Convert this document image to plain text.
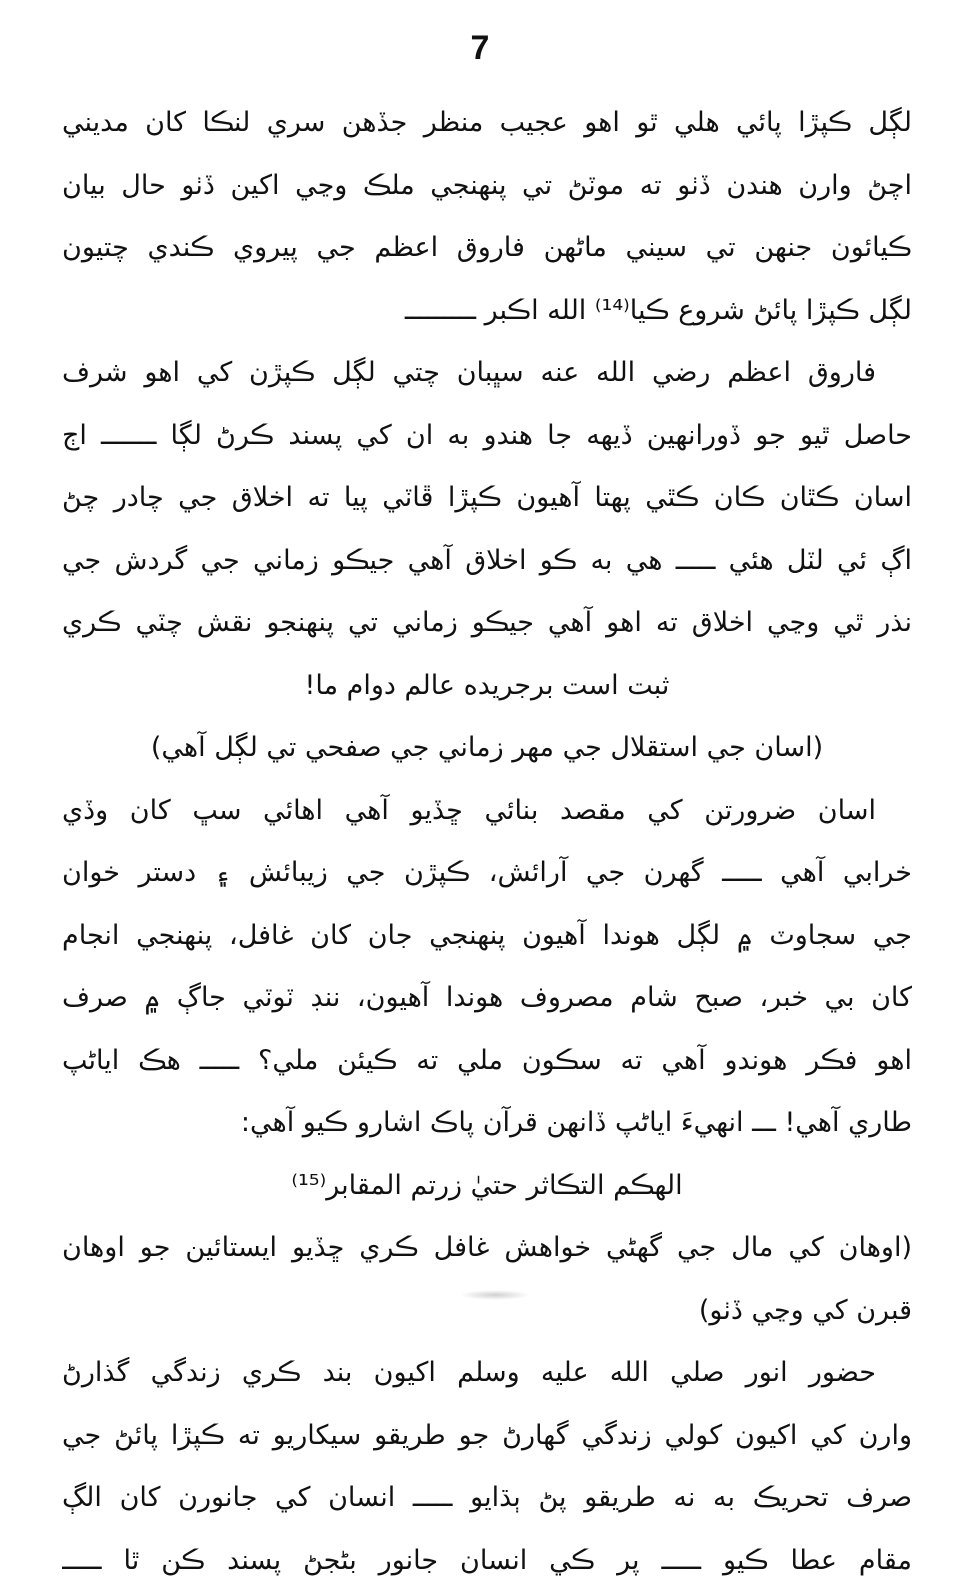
7
لڳل ڪپڙا پائي هلي ٿو اهو عجيب منظر جڏهن سري لنڪا کان مديني
اچڻ وارن هندن ڏٺو ته موٽڻ تي پنهنجي ملڪ وڃي اکين ڏٺو حال بيان
ڪيائون جنهن تي سيني ماڻهن فاروق اعظم جي پيروي ڪندي چتيون
لڳل ڪپڙا پائڻ شروع ڪيا⁽¹⁴⁾ الله اڪبر ـــــــــ
فاروق اعظم رضي الله عنه سڀبان چتي لڳل ڪپڙن کي اهو شرف
حاصل ٿيو جو ڏورانهين ڏيهه جا هندو به ان کي پسند ڪرڻ لڳا ـــــــ اڄ
اسان ڪٿان ڪان ڪٿي پهتا آهيون ڪپڙا ڦاٽي پيا ته اخلاق جي چادر چڻ
اڳ ئي لٽل هئي ـــــ هي به ڪو اخلاق آهي جيڪو زماني جي گردش جي
نذر ٿي وڃي اخلاق ته اهو آهي جيڪو زماني تي پنهنجو نقش چٽي ڪري
ثبت است برجريده عالم دوام ما!
(اسان جي استقلال جي مهر زماني جي صفحي تي لڳل آهي)
اسان ضرورتن کي مقصد بنائي ڇڏيو آهي اهائي سڀ کان وڏي
خرابي آهي ـــــ گهرن جي آرائش، ڪپڙن جي زيبائش ۽ دستر خوان
جي سجاوٽ ۾ لڳل هوندا آهيون پنهنجي جان کان غافل، پنهنجي انجام
کان بي خبر، صبح شام مصروف هوندا آهيون، ننڊ ٽوٽي جاڳ ۾ صرف
اهو فڪر هوندو آهي ته سڪون ملي ته ڪيئن ملي؟ ـــــ هڪ اياڻپ
طاري آهي! ـــ انهيءَ اياڻپ ڏانهن قرآن پاڪ اشارو ڪيو آهي:
الهڪم التڪاثر حتيٰ زرتم المقابر⁽¹⁵⁾
(اوهان کي مال جي گهڻي خواهش غافل ڪري ڇڏيو ايستائين جو اوهان
قبرن کي وڃي ڏٺو)
حضور انور صلي الله عليه وسلم اکيون بند ڪري زندگي گذارڻ
وارن کي اکيون کولي زندگي گهارڻ جو طريقو سيکاريو ته ڪپڙا پائڻ جي
صرف تحريڪ به نه طريقو پڻ ٻڌايو ـــــ انسان کي جانورن کان الڳ
مقام عطا ڪيو ـــــ پر ڪي انسان جانور بڻجڻ پسند ڪن ٿا ـــــ
